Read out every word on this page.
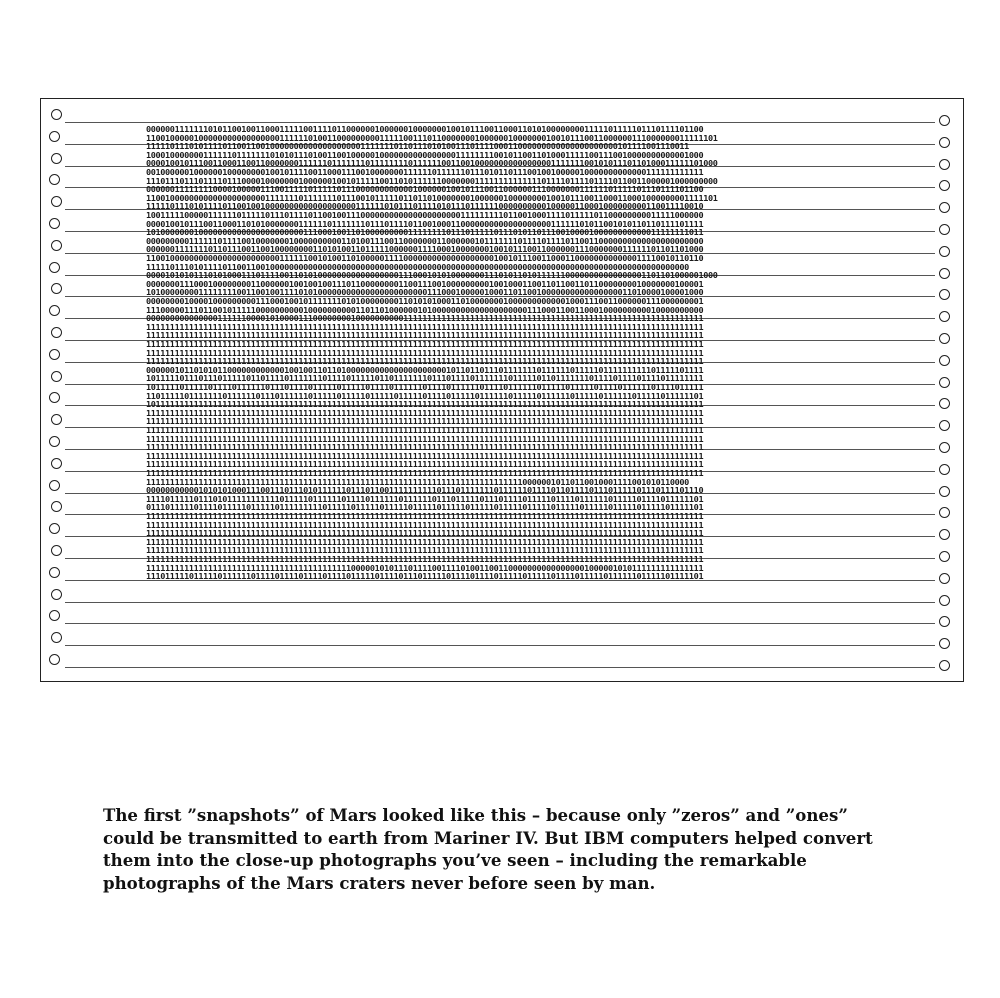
000000111111101011001001100011111001111011000000100000010000000100101110011000110101000000001111101111101110111101100
110010000010000000000000000011111101001100000000011111001110110000000100000010000000100101110011000000111000000011111101
111110111010111101100110010000000000000000000111111101101110101001110111100011000000000000000000000101111001110011
100010000000111111011111110101011101001100100000100000000000000001111111100101100110100011111001110010000000000001000
000010010111001100011001100000001111110111111101111111101111110011001000000000000000011111110010101110110100011111101000
001000000100000010000000010010111100110001110010000000111111011111101110101101110010010000010000000000000111111111111
111011101110111101110000100000001000000100101111100110101111110000000111111111111110111101111011110110011000001000000000
000000111111110000100000111001111101111101110000000000001000000100101110011000000111000000011111101111101110111101100
110010000000000000000000011111110111111101110010111110110110100000001000000100000000100101110011000110001000000001111101
111110111010111101100100100000000000000000001111110101110111101011101111110000000000100000110001000000000110011110010
100111110000011111101111101110111101100100111000000000000000000000111111111011001000111101111101100000000011111000000
000010010111001100011010100000001111110111111101110111101100100011000000000000000000011111101011001010110110111101111
101000000010000000000000000000000111000100110100000000011111111011101111101110101101110010000100000000000011111111011
000000000111111011110010000000100000000001101001110011000000011000000101111111011110111101100110000000000000000000000
000000111111101101110011001000000001101010011011111000000111100010000000100101110011000000111000000011111101101101000
110010000000000000000000000011111100101001101000001111000000000000000000010010111001100011000000000000011110010110110
111110111010111101100110010000000000000000000000000000000000000000000000000000000000000000000000000000000000000000
000010101011101010001110111100110101000000000000000001110001010100000001110101101011111100000000000000001101101000001000
000000011100010000000011000000100100100111011000000001100111001000000000100100011001101100110110000000010000000100001
101000000001111111100110010011110101000000000000000000000001110001000001000110110010000000000000000011010000100001000
000000001000010000000001110001001011111110101000000001101010100011010000000100000000000010001110011000000111000000001
111000001110110010111110000000000100000000001101101000000101000000000000000000001110001100110001000000000010000000000
000000000000000111111000010100001110000000010000000000111111111111111111111111111111111111111111111111111111111111111
111111111111111111111111111111111111111111111111111111111111111111111111111111111111111111111111111111111111111111111
111111111111111111111111111111111111111111111111111111111111111111111111111111111111111111111111111111111111111111111
111111111111111111111111111111111111111111111111111111111111111111111111111111111111111111111111111111111111111111111
111111111111111111111111111111111111111111111111111111111111111111111111111111111111111111111111111111111111111111111
111111111111111111111111111111111111111111111111111111111111111111111111111111111111111111111111111111111111111111111
000000101101010110000000000001001001101101000000000000000000000101101101110111111101111110111110111111111101111101111
101111101110111011111011011110111111101111011111011011111110111011110111111101111101101111111011110111101111011111111
101111101111101111011111101110111101111101111101111011111101111011111101111011111101111101111101111011111101111011111
110111110111111101111110111011111101111101111101111101111101111011111011111101111101111110111110111111011111011111101
101111111111111111111111111111111111111111111111111111111111111111111111111111111111111111111111111111111111111111111
111111111111111111111111111111111111111111111111111111111111111111111111111111111111111111111111111111111111111111111
111111111111111111111111111111111111111111111111111111111111111111111111111111111111111111111111111111111111111111111
111111111111111111111111111111111111111111111111111111111111111111111111111111111111111111111111111111111111111111111
111111111111111111111111111111111111111111111111111111111111111111111111111111111111111111111111111111111111111111111
111111111111111111111111111111111111111111111111111111111111111111111111111111111111111111111111111111111111111111111
111111111111111111111111111111111111111111111111111111111111111111111111111111111111111111111111111111111111111111111
111111111111111111111111111111111111111111111111111111111111111111111111111111111111111111111111111111111111111111111
111111111111111111111111111111111111111111111111111111111111111111111111111111111111111111111111111111111111111111111
111111111111111111111111111111111111111111111111111111111111111111111111111111100000010110110010001111001010110000
000000000001010101000111001110111010111111011101100111111111101110111111101111110111101101111011101111101110111101110
111101111101110101111111111101111101111110111101111110111111011101111101110111101111101111011111101111101111011111101
011101111101111011111011111011111111101111101111101111101111101111101111101111101111101111101111101111101111101111101
111111111111111111111111111111111111111111111111111111111111111111111111111111111111111111111111111111111111111111111
111111111111111111111111111111111111111111111111111111111111111111111111111111111111111111111111111111111111111111111
111111111111111111111111111111111111111111111111111111111111111111111111111111111111111111111111111111111111111111111
111111111111111111111111111111111111111111111111111111111111111111111111111111111111111111111111111111111111111111111
111111111111111111111111111111111111111111111111111111111111111111111111111111111111111111111111111111111111111111111
111111111111111111111111111111111111111111111111111111111111111111111111111111111111111111111111111111111111111111111
111111111111111111111111111111111111111111100000101011101111001111010011001100000000000000001000001010111111111111111
111011111011111011111101111011110111101111011111011110111011111011110111101111101111101111011111011111101111101111101

The first ”snapshots” of Mars looked like this – because only ”zeros” and ”ones”
could be transmitted to earth from Mariner IV. But IBM computers helped convert
them into the close-up photographs you’ve seen – including the remarkable
photographs of the Mars craters never before seen by man.
